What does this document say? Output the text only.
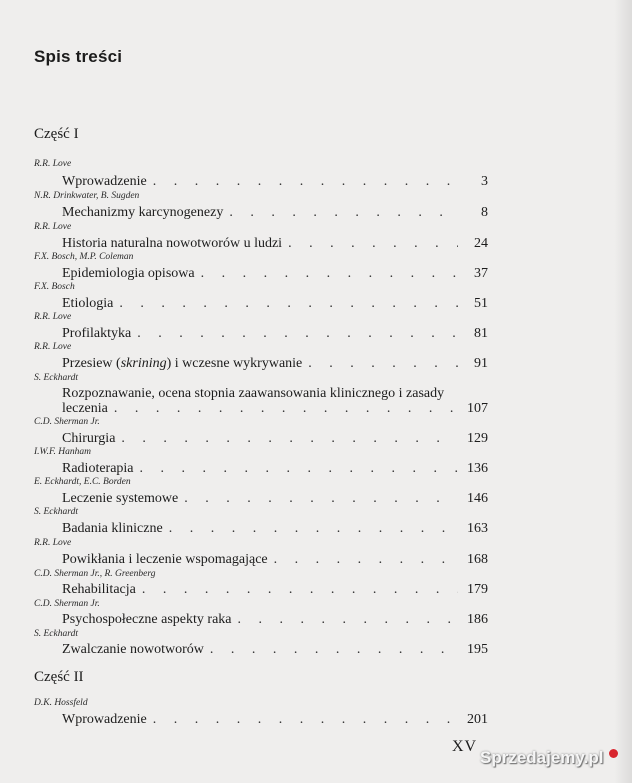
Spis treści
Część I
R.R. Love
Wprowadzenie . . .	3
N.R. Drinkwater, B. Sugden
Mechanizmy karcynogenezy . . .	8
R.R. Love
Historia naturalna nowotworów u ludzi . . .	24
F.X. Bosch, M.P. Coleman
Epidemiologia opisowa . . .	37
F.X. Bosch
Etiologia . . .	51
R.R. Love
Profilaktyka . . .	81
R.R. Love
Przesiew (skrining) i wczesne wykrywanie . . .	91
S. Eckhardt
Rozpoznawanie, ocena stopnia zaawansowania klinicznego i zasady
leczenia . . .	107
C.D. Sherman Jr.
Chirurgia . . .	129
I.W.F. Hanham
Radioterapia . . .	136
E. Eckhardt, E.C. Borden
Leczenie systemowe . . .	146
S. Eckhardt
Badania kliniczne . . .	163
R.R. Love
Powikłania i leczenie wspomagające . . .	168
C.D. Sherman Jr., R. Greenberg
Rehabilitacja . . .	179
C.D. Sherman Jr.
Psychospołeczne aspekty raka . . .	186
S. Eckhardt
Zwalczanie nowotworów . . .	195
Część II
D.K. Hossfeld
Wprowadzenie . . .	201
XV
Sprzedajemy.pl
